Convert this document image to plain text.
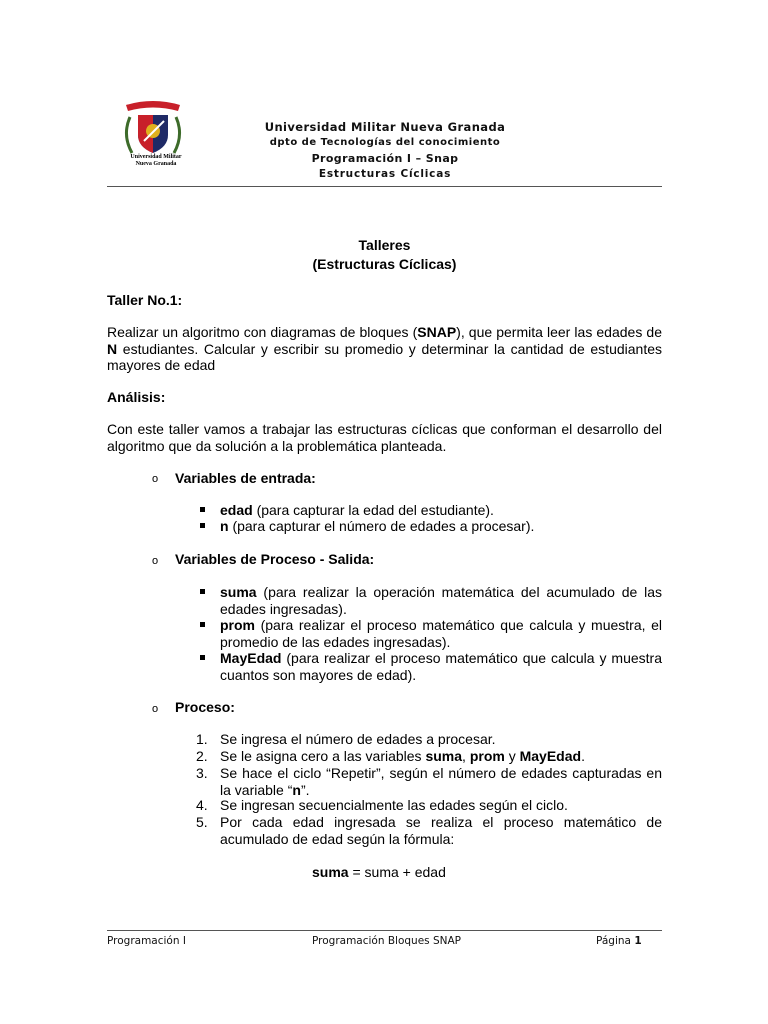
Universidad Militar
Nueva Granada
Universidad Militar Nueva Granada
dpto de Tecnologías del conocimiento
Programación I – Snap
Estructuras Cíclicas
Talleres
(Estructuras Cíclicas)
Taller No.1:
Realizar un algoritmo con diagramas de bloques (SNAP), que permita leer las edades de N estudiantes. Calcular y escribir su promedio y determinar la cantidad de estudiantes mayores de edad
Análisis:
Con este taller vamos a trabajar las estructuras cíclicas que conforman el desarrollo del algoritmo que da solución a la problemática planteada.
o Variables de entrada:
edad (para capturar la edad del estudiante).
n (para capturar el número de edades a procesar).
o Variables de Proceso - Salida:
suma (para realizar la operación matemática del acumulado de las edades ingresadas).
prom (para realizar el proceso matemático que calcula y muestra, el promedio de las edades ingresadas).
MayEdad (para realizar el proceso matemático que calcula y muestra cuantos son mayores de edad).
o Proceso:
1. Se ingresa el número de edades a procesar.
2. Se le asigna cero a las variables suma, prom y MayEdad.
3. Se hace el ciclo “Repetir”, según el número de edades capturadas en la variable “n”.
4. Se ingresan secuencialmente las edades según el ciclo.
5. Por cada edad ingresada se realiza el proceso matemático de acumulado de edad según la fórmula:
suma = suma + edad
Programación I	Programación Bloques SNAP	Página 1
